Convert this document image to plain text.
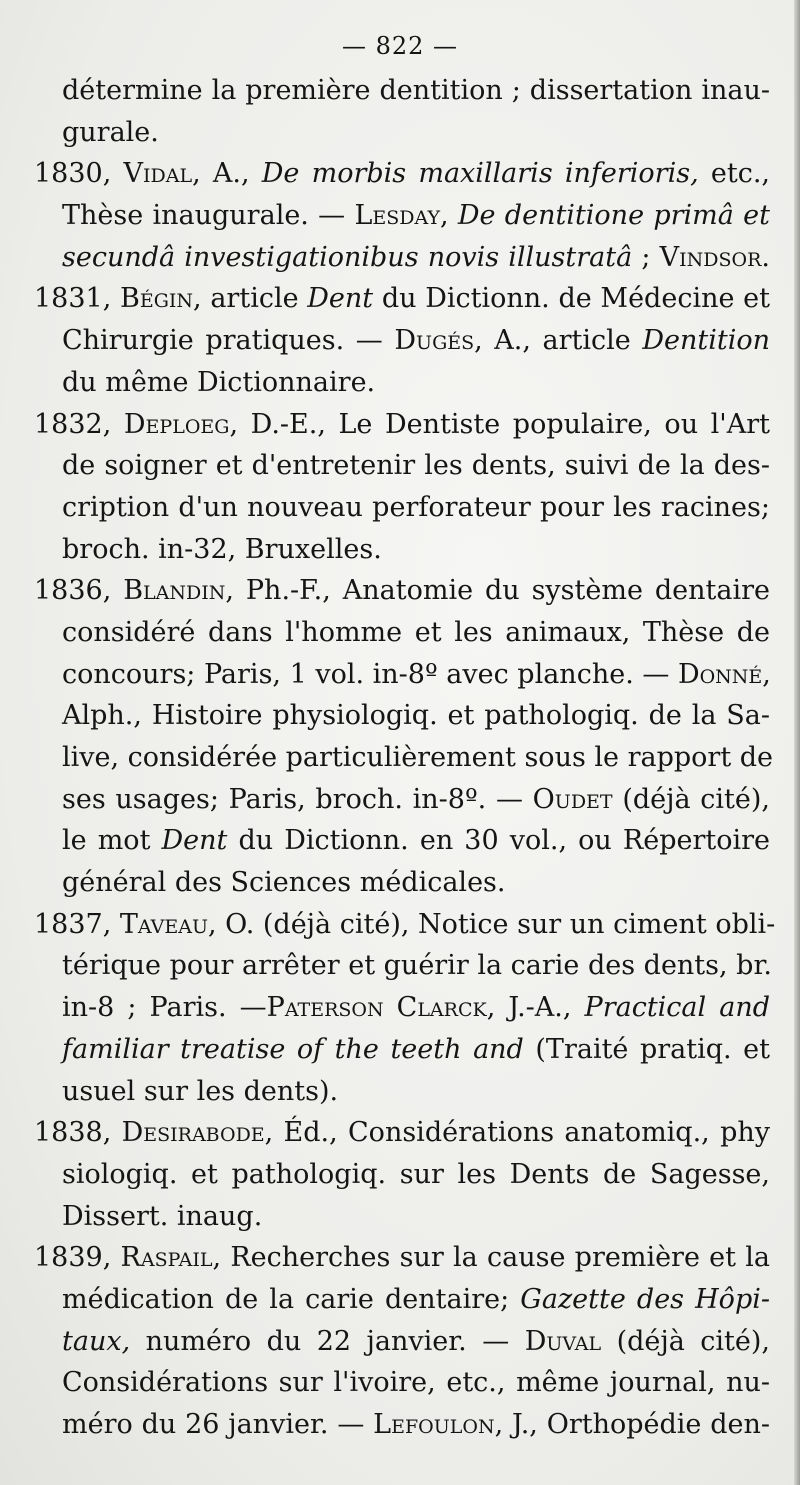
— 822 —
détermine la première dentition ; dissertation inau-
gurale.
1830, Vidal, A., De morbis maxillaris inferioris, etc.,
Thèse inaugurale. — Lesday, De dentitione primâ et
secundâ investigationibus novis illustratâ ; Vindsor.
1831, Bégin, article Dent du Dictionn. de Médecine et
Chirurgie pratiques. — Dugés, A., article Dentition
du même Dictionnaire.
1832, Deploeg, D.-E., Le Dentiste populaire, ou l'Art
de soigner et d'entretenir les dents, suivi de la des-
cription d'un nouveau perforateur pour les racines;
broch. in-32, Bruxelles.
1836, Blandin, Ph.-F., Anatomie du système dentaire
considéré dans l'homme et les animaux, Thèse de
concours; Paris, 1 vol. in-8º avec planche. — Donné,
Alph., Histoire physiologiq. et pathologiq. de la Sa-
live, considérée particulièrement sous le rapport de
ses usages; Paris, broch. in-8º. — Oudet (déjà cité),
le mot Dent du Dictionn. en 30 vol., ou Répertoire
général des Sciences médicales.
1837, Taveau, O. (déjà cité), Notice sur un ciment obli-
térique pour arrêter et guérir la carie des dents, br.
in-8 ; Paris. —Paterson Clarck, J.-A., Practical and
familiar treatise of the teeth and (Traité pratiq. et
usuel sur les dents).
1838, Desirabode, Éd., Considérations anatomiq., phy
siologiq. et pathologiq. sur les Dents de Sagesse,
Dissert. inaug.
1839, Raspail, Recherches sur la cause première et la
médication de la carie dentaire; Gazette des Hôpi-
taux, numéro du 22 janvier. — Duval (déjà cité),
Considérations sur l'ivoire, etc., même journal, nu-
méro du 26 janvier. — Lefoulon, J., Orthopédie den-
